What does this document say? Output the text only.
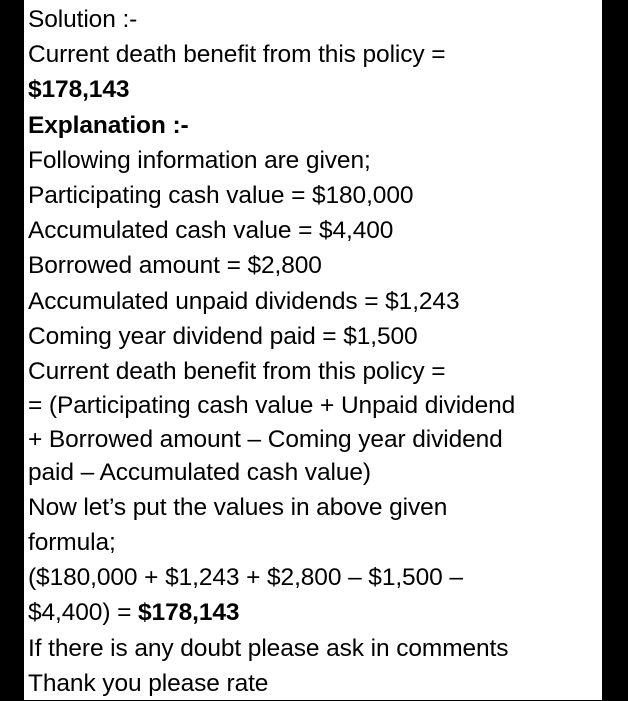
Solution :-
Current death benefit from this policy =
$178,143
Explanation :-
Following information are given;
Participating cash value = $180,000
Accumulated cash value = $4,400
Borrowed amount = $2,800
Accumulated unpaid dividends = $1,243
Coming year dividend paid = $1,500
Current death benefit from this policy =
= (Participating cash value + Unpaid dividend
+ Borrowed amount – Coming year dividend
paid – Accumulated cash value)
Now let’s put the values in above given
formula;
($180,000 + $1,243 + $2,800 – $1,500 –
$4,400) = $178,143
If there is any doubt please ask in comments
Thank you please rate
